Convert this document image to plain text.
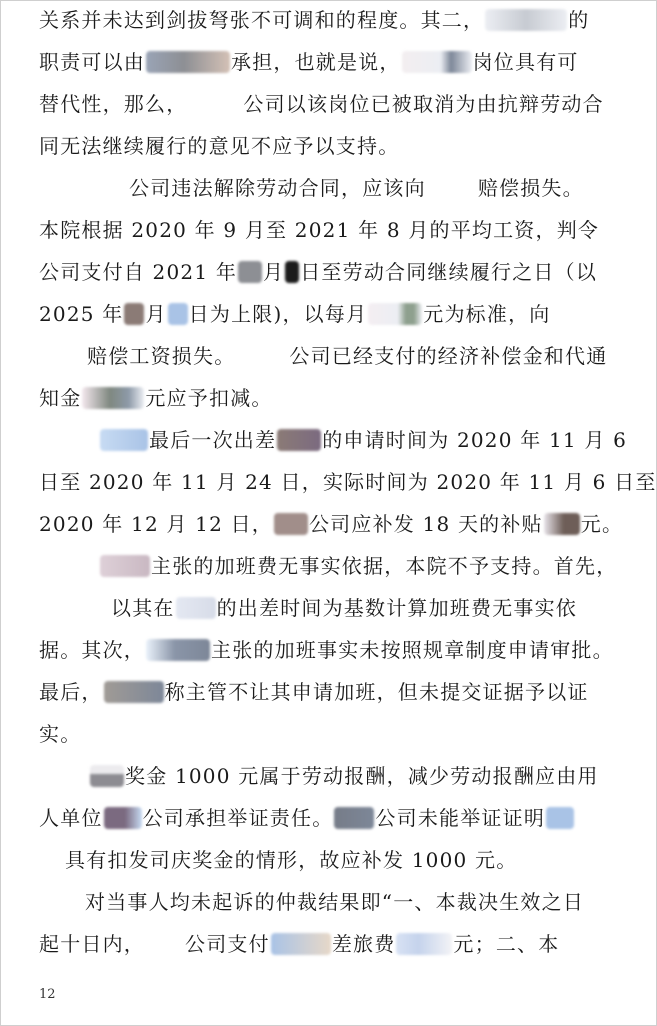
关系并未达到剑拔弩张不可调和的程度。其二，	的
职责可以由	承担，也就是说，	岗位具有可
替代性，那么，	公司以该岗位已被取消为由抗辩劳动合
同无法继续履行的意见不应予以支持。
公司违法解除劳动合同，应该向	赔偿损失。
本院根据 2020 年 9 月至 2021 年 8 月的平均工资，判令
公司支付自 2021 年 月 日至劳动合同继续履行之日（以
2025 年 月 日为上限)，以每月	元为标准，向
赔偿工资损失。	公司已经支付的经济补偿金和代通
知金	元应予扣减。
最后一次出差 的申请时间为 2020 年 11 月 6
日至 2020 年 11 月 24 日，实际时间为 2020 年 11 月 6 日至
2020 年 12 月 12 日， 公司应补发 18 天的补贴 元。
主张的加班费无事实依据，本院不予支持。首先，
以其在 的出差时间为基数计算加班费无事实依
据。其次，	主张的加班事实未按照规章制度申请审批。
最后，	称主管不让其申请加班，但未提交证据予以证
实。
奖金 1000 元属于劳动报酬，减少劳动报酬应由用
人单位 公司承担举证责任。 公司未能举证证明
具有扣发司庆奖金的情形，故应补发 1000 元。
对当事人均未起诉的仲裁结果即“一、本裁决生效之日
起十日内， 公司支付	差旅费	元；二、本
12
